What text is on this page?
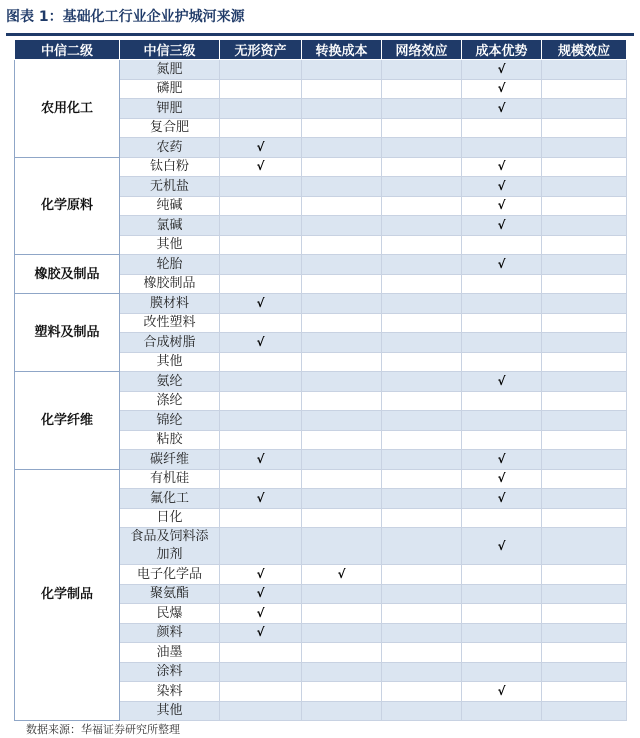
图表 1：基础化工行业企业护城河来源
中信二级	中信三级	无形资产	转换成本	网络效应	成本优势	规模效应
农用化工	氮肥				√	
	磷肥				√	
	钾肥				√	
	复合肥					
	农药	√				
化学原料	钛白粉	√			√	
	无机盐				√	
	纯碱				√	
	氯碱				√	
	其他					
橡胶及制品	轮胎				√	
	橡胶制品					
塑料及制品	膜材料	√				
	改性塑料					
	合成树脂	√				
	其他					
化学纤维	氨纶				√	
	涤纶					
	锦纶					
	粘胶					
	碳纤维	√			√	
化学制品	有机硅				√	
	氟化工	√			√	
	日化					
	食品及饲料添加剂				√	
	电子化学品	√	√			
	聚氨酯	√				
	民爆	√				
	颜料	√				
	油墨					
	涂料					
	染料				√	
	其他					
数据来源：华福证券研究所整理
